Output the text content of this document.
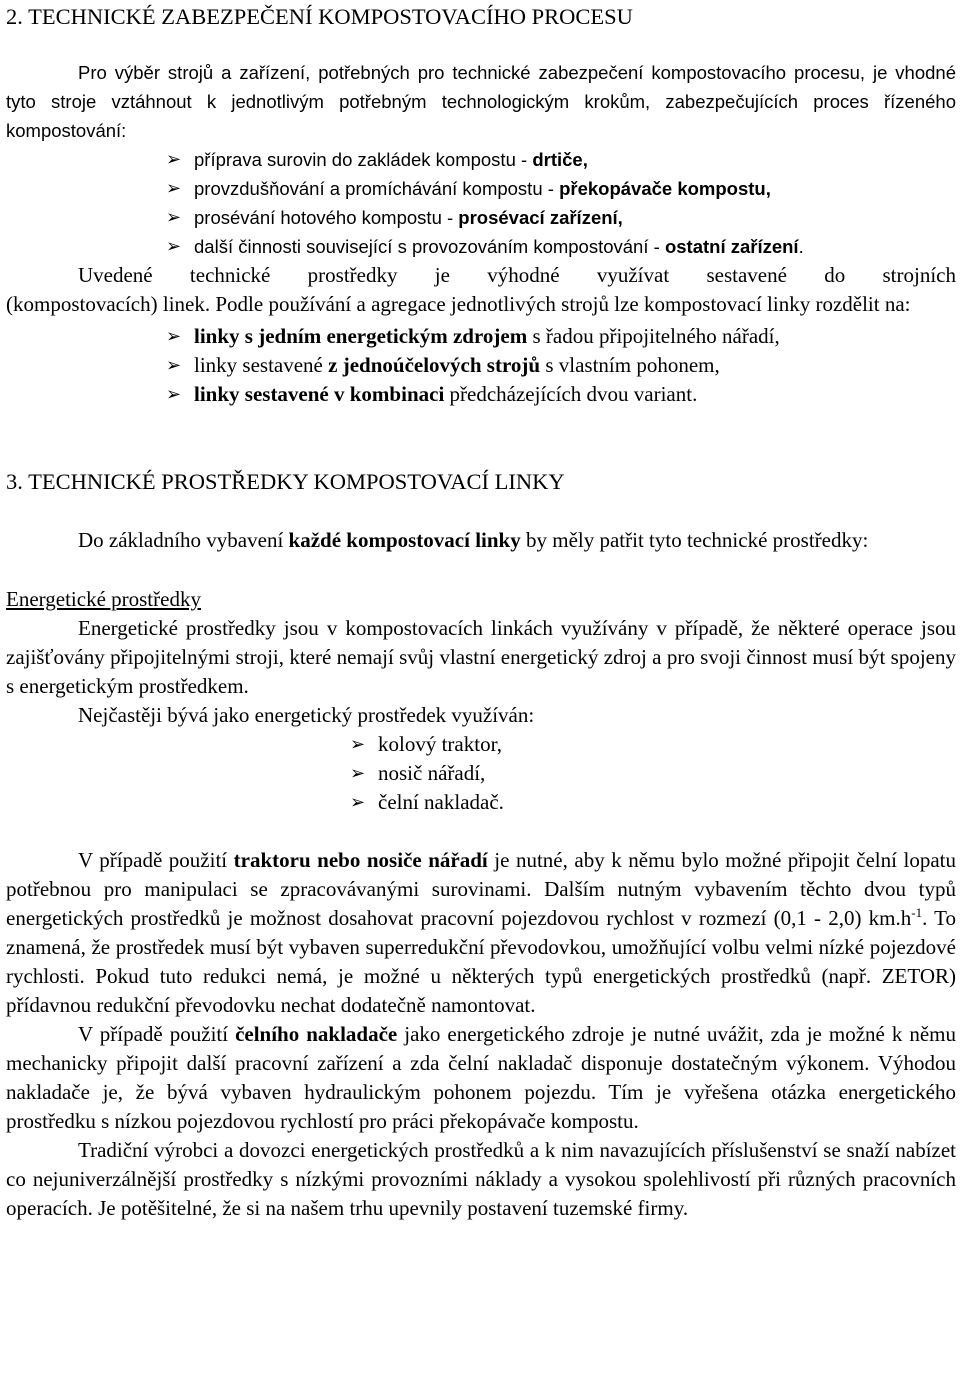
2. TECHNICKÉ ZABEZPEČENÍ KOMPOSTOVACÍHO PROCESU

Pro výběr strojů a zařízení, potřebných pro technické zabezpečení kompostovacího procesu, je vhodné tyto stroje vztáhnout k jednotlivým potřebným technologickým krokům, zabezpečujících proces řízeného kompostování:

➢ příprava surovin do zakládek kompostu - drtiče,
➢ provzdušňování a promíchávání kompostu - překopávače kompostu,
➢ prosévání hotového kompostu - prosévací zařízení,
➢ další činnosti související s provozováním kompostování - ostatní zařízení.

Uvedené technické prostředky je výhodné využívat sestavené do strojních

(kompostovacích) linek. Podle používání a agregace jednotlivých strojů lze kompostovací linky rozdělit na:

➢ linky s jedním energetickým zdrojem s řadou připojitelného nářadí,
➢ linky sestavené z jednoúčelových strojů s vlastním pohonem,
➢ linky sestavené v kombinaci předcházejících dvou variant.
3. TECHNICKÉ PROSTŘEDKY KOMPOSTOVACÍ LINKY

Do základního vybavení každé kompostovací linky by měly patřit tyto technické prostředky:

Energetické prostředky

Energetické prostředky jsou v kompostovacích linkách využívány v případě, že některé operace jsou zajišťovány připojitelnými stroji, které nemají svůj vlastní energetický zdroj a pro svoji činnost musí být spojeny s energetickým prostředkem.

Nejčastěji bývá jako energetický prostředek využíván:

➢ kolový traktor,
➢ nosič nářadí,
➢ čelní nakladač.

V případě použití traktoru nebo nosiče nářadí je nutné, aby k němu bylo možné připojit čelní lopatu potřebnou pro manipulaci se zpracovávanými surovinami. Dalším nutným vybavením těchto dvou typů energetických prostředků je možnost dosahovat pracovní pojezdovou rychlost v rozmezí (0,1 - 2,0) $km.h^{-1}$. To znamená, že prostředek musí být vybaven superredukční převodovkou, umožňující volbu velmi nízké pojezdové rychlosti. Pokud tuto redukci nemá, je možné u některých typů energetických prostředků (např. ZETOR) přídavnou redukční převodovku nechat dodatečně namontovat.

V případě použití čelního nakladače jako energetického zdroje je nutné uvážit, zda je možné k němu mechanicky připojit další pracovní zařízení a zda čelní nakladač disponuje dostatečným výkonem. Výhodou nakladače je, že bývá vybaven hydraulickým pohonem pojezdu. Tím je vyřešena otázka energetického prostředku s nízkou pojezdovou rychlostí pro práci překopávače kompostu.

Tradiční výrobci a dovozci energetických prostředků a k nim navazujících příslušenství se snaží nabízet co nejuniverzálnější prostředky s nízkými provozními náklady a vysokou spolehlivostí při různých pracovních operacích. Je potěšitelné, že si na našem trhu upevnily postavení tuzemské firmy.
